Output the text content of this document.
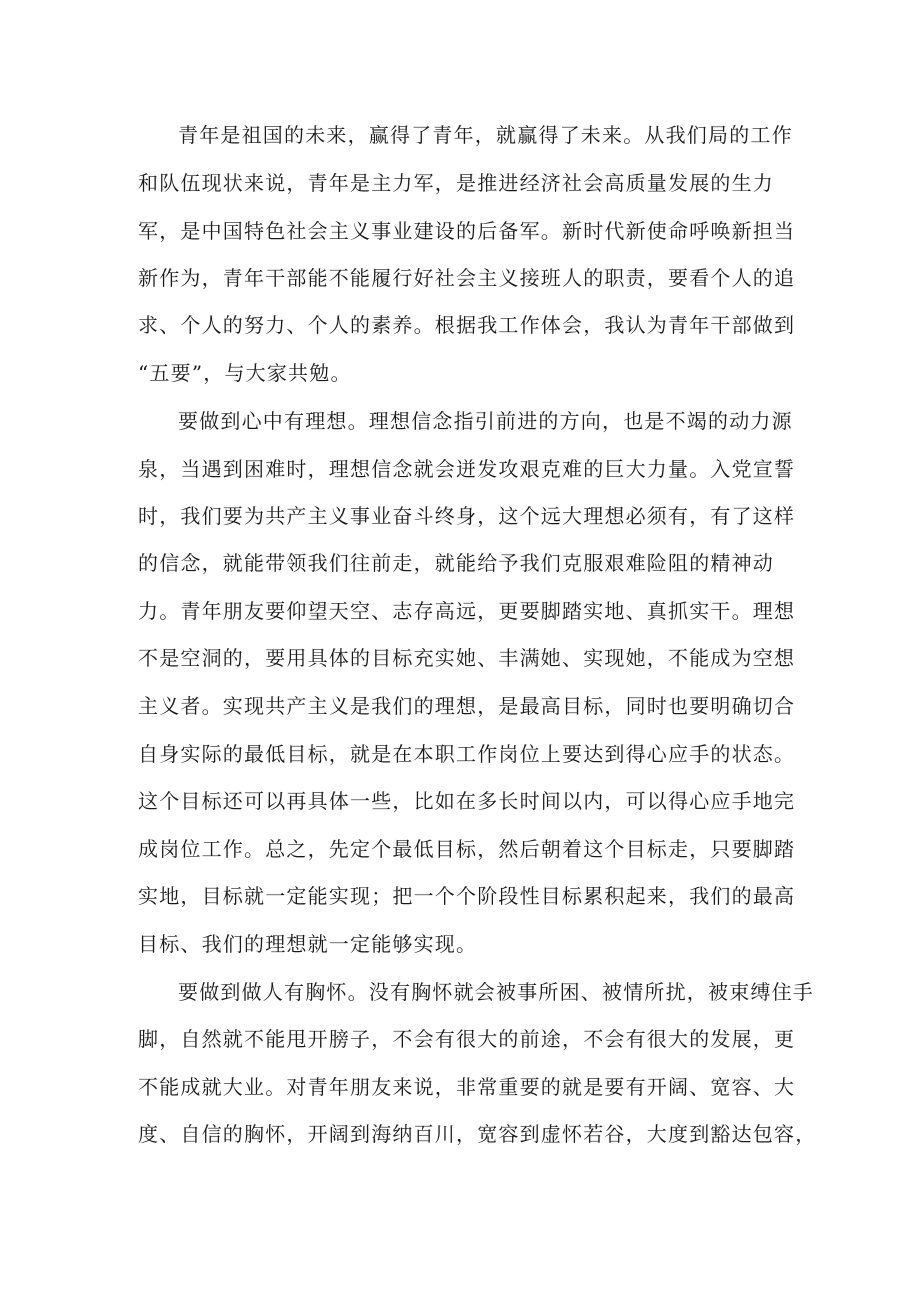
青年是祖国的未来，赢得了青年，就赢得了未来。从我们局的工作
和队伍现状来说，青年是主力军，是推进经济社会高质量发展的生力
军，是中国特色社会主义事业建设的后备军。新时代新使命呼唤新担当
新作为，青年干部能不能履行好社会主义接班人的职责，要看个人的追
求、个人的努力、个人的素养。根据我工作体会，我认为青年干部做到
“五要”，与大家共勉。
要做到心中有理想。理想信念指引前进的方向，也是不竭的动力源
泉，当遇到困难时，理想信念就会迸发攻艰克难的巨大力量。入党宣誓
时，我们要为共产主义事业奋斗终身，这个远大理想必须有，有了这样
的信念，就能带领我们往前走，就能给予我们克服艰难险阻的精神动
力。青年朋友要仰望天空、志存高远，更要脚踏实地、真抓实干。理想
不是空洞的，要用具体的目标充实她、丰满她、实现她，不能成为空想
主义者。实现共产主义是我们的理想，是最高目标，同时也要明确切合
自身实际的最低目标，就是在本职工作岗位上要达到得心应手的状态。
这个目标还可以再具体一些，比如在多长时间以内，可以得心应手地完
成岗位工作。总之，先定个最低目标，然后朝着这个目标走，只要脚踏
实地，目标就一定能实现；把一个个阶段性目标累积起来，我们的最高
目标、我们的理想就一定能够实现。
要做到做人有胸怀。没有胸怀就会被事所困、被情所扰，被束缚住手
脚，自然就不能甩开膀子，不会有很大的前途，不会有很大的发展，更
不能成就大业。对青年朋友来说，非常重要的就是要有开阔、宽容、大
度、自信的胸怀，开阔到海纳百川，宽容到虚怀若谷，大度到豁达包容，
